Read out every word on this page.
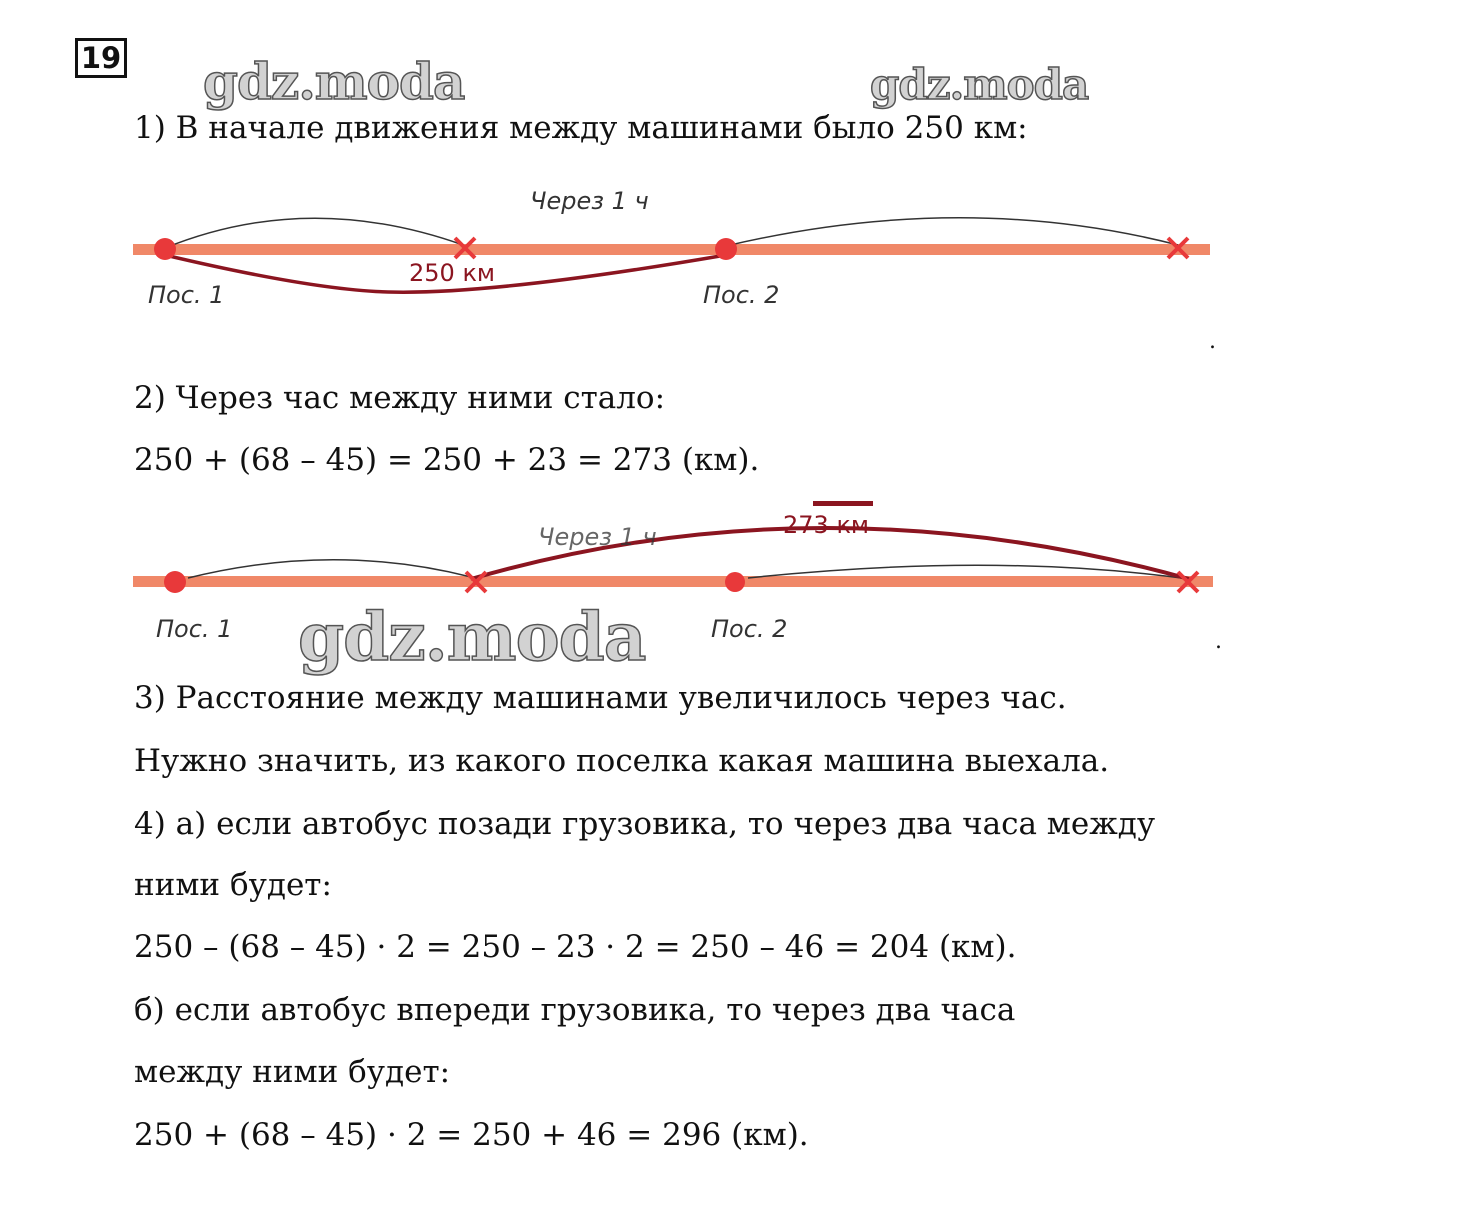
19 gdz.moda	gdz.moda
1) В начале движения между машинами было 250 км:
Через 1 ч
250 км
Пос. 1	Пос. 2
.
2) Через час между ними стало:
250 + (68 – 45) = 250 + 23 = 273 (км).
Через 1 ч	273 км
Пос. 1	Пос. 2	.
gdz.moda
3) Расстояние между машинами увеличилось через час.
Нужно значить, из какого поселка какая машина выехала.
4) а) если автобус позади грузовика, то через два часа между
ними будет:
250 – (68 – 45) · 2 = 250 – 23 · 2 = 250 – 46 = 204 (км).
б) если автобус впереди грузовика, то через два часа
между ними будет:
250 + (68 – 45) · 2 = 250 + 46 = 296 (км).
